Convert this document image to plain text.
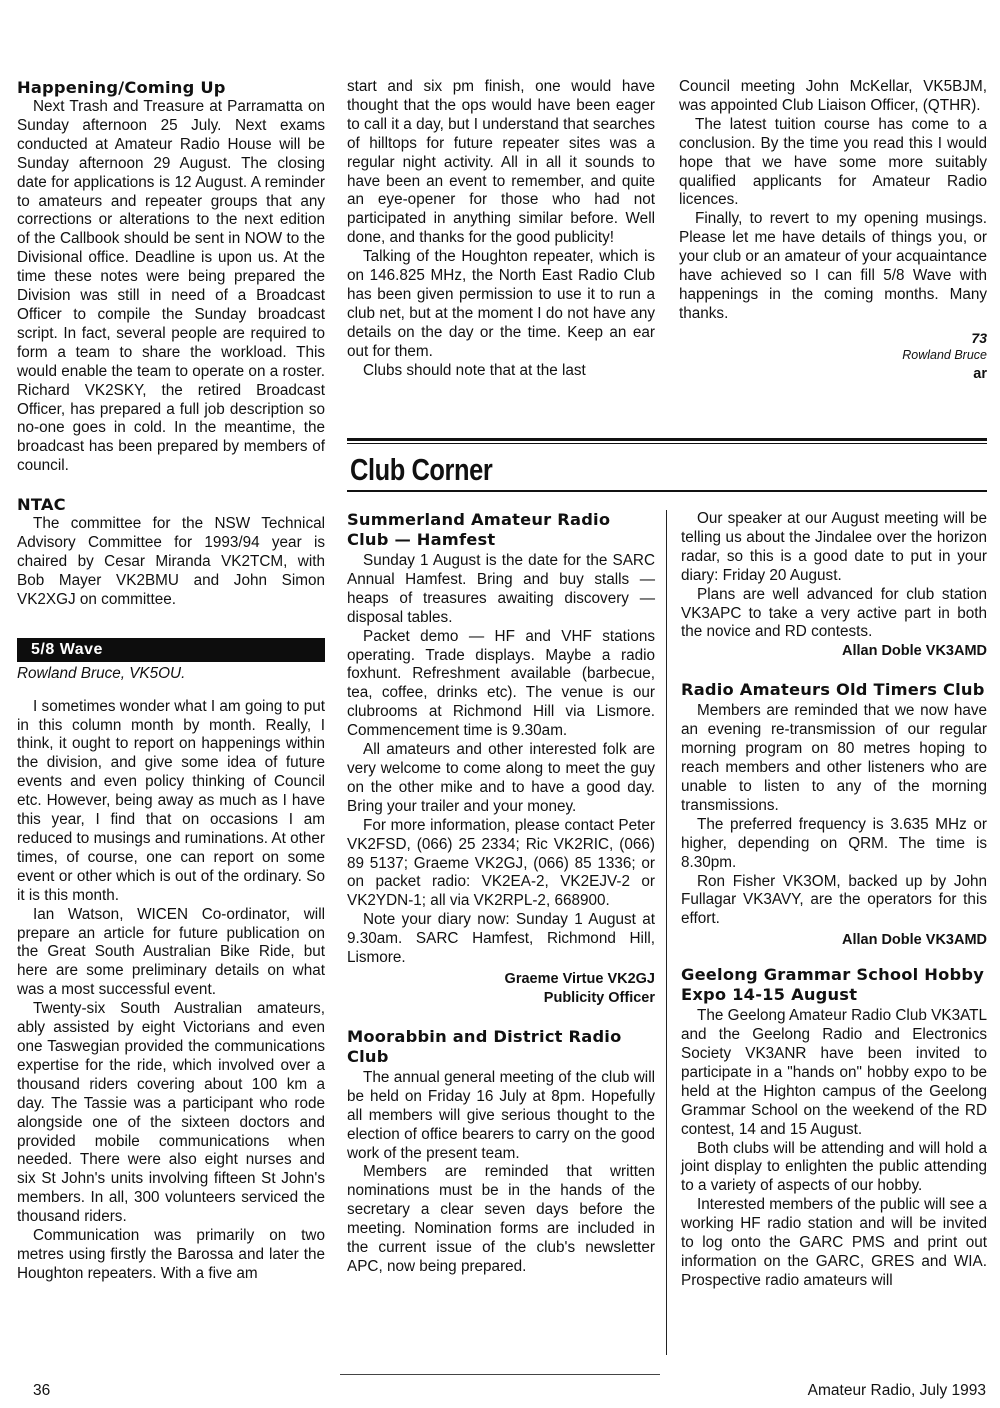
Happening/Coming Up

Next Trash and Treasure at Parramatta on Sunday afternoon 25 July. Next exams conducted at Amateur Radio House will be Sunday afternoon 29 August. The closing date for applications is 12 August. A reminder to amateurs and repeater groups that any corrections or alterations to the next edition of the Callbook should be sent in NOW to the Divisional office. Deadline is upon us. At the time these notes were being prepared the Division was still in need of a Broadcast Officer to compile the Sunday broadcast script. In fact, several people are required to form a team to share the workload. This would enable the team to operate on a roster. Richard VK2SKY, the retired Broadcast Officer, has prepared a full job description so no-one goes in cold. In the meantime, the broadcast has been prepared by members of council.

NTAC

The committee for the NSW Technical Advisory Committee for 1993/94 year is chaired by Cesar Miranda VK2TCM, with Bob Mayer VK2BMU and John Simon VK2XGJ on committee.

5/8 Wave

Rowland Bruce, VK5OU.

I sometimes wonder what I am going to put in this column month by month. Really, I think, it ought to report on happenings within the division, and give some idea of future events and even policy thinking of Council etc. However, being away as much as I have this year, I find that on occasions I am reduced to musings and ruminations. At other times, of course, one can report on some event or other which is out of the ordinary. So it is this month.

Ian Watson, WICEN Co-ordinator, will prepare an article for future publication on the Great South Australian Bike Ride, but here are some preliminary details on what was a most successful event.

Twenty-six South Australian amateurs, ably assisted by eight Victorians and even one Taswegian provided the communications expertise for the ride, which involved over a thousand riders covering about 100 km a day. The Tassie was a participant who rode alongside one of the sixteen doctors and provided mobile communications when needed. There were also eight nurses and six St John's units involving fifteen St John's members. In all, 300 volunteers serviced the thousand riders.

Communication was primarily on two metres using firstly the Barossa and later the Houghton repeaters. With a five am

start and six pm finish, one would have thought that the ops would have been eager to call it a day, but I understand that searches of hilltops for future repeater sites was a regular night activity. All in all it sounds to have been an event to remember, and quite an eye-opener for those who had not participated in anything similar before. Well done, and thanks for the good publicity!

Talking of the Houghton repeater, which is on 146.825 MHz, the North East Radio Club has been given permission to use it to run a club net, but at the moment I do not have any details on the day or the time. Keep an ear out for them.

Clubs should note that at the last

Council meeting John McKellar, VK5BJM, was appointed Club Liaison Officer, (QTHR).

The latest tuition course has come to a conclusion. By the time you read this I would hope that we have some more suitably qualified applicants for Amateur Radio licences.

Finally, to revert to my opening musings. Please let me have details of things you, or your club or an amateur of your acquaintance have achieved so I can fill 5/8 Wave with happenings in the coming months. Many thanks.

73

Rowland Bruce

ar

Club Corner
Summerland Amateur Radio Club — Hamfest

Sunday 1 August is the date for the SARC Annual Hamfest. Bring and buy stalls — heaps of treasures awaiting discovery — disposal tables.

Packet demo — HF and VHF stations operating. Trade displays. Maybe a radio foxhunt. Refreshment available (barbecue, tea, coffee, drinks etc). The venue is our clubrooms at Richmond Hill via Lismore. Commencement time is 9.30am.

All amateurs and other interested folk are very welcome to come along to meet the guy on the other mike and to have a good day. Bring your trailer and your money.

For more information, please contact Peter VK2FSD, (066) 25 2334; Ric VK2RIC, (066) 89 5137; Graeme VK2GJ, (066) 85 1336; or on packet radio: VK2EA-2, VK2EJV-2 or VK2YDN-1; all via VK2RPL-2, 668900.

Note your diary now: Sunday 1 August at 9.30am. SARC Hamfest, Richmond Hill, Lismore.

Graeme Virtue VK2GJ

Publicity Officer

Moorabbin and District Radio Club

The annual general meeting of the club will be held on Friday 16 July at 8pm. Hopefully all members will give serious thought to the election of office bearers to carry on the good work of the present team.

Members are reminded that written nominations must be in the hands of the secretary a clear seven days before the meeting. Nomination forms are included in the current issue of the club's newsletter APC, now being prepared.

Our speaker at our August meeting will be telling us about the Jindalee over the horizon radar, so this is a good date to put in your diary: Friday 20 August.

Plans are well advanced for club station VK3APC to take a very active part in both the novice and RD contests.

Allan Doble VK3AMD

Radio Amateurs Old Timers Club

Members are reminded that we now have an evening re-transmission of our regular morning program on 80 metres hoping to reach members and other listeners who are unable to listen to any of the morning transmissions.

The preferred frequency is 3.635 MHz or higher, depending on QRM. The time is 8.30pm.

Ron Fisher VK3OM, backed up by John Fullagar VK3AVY, are the operators for this effort.

Allan Doble VK3AMD

Geelong Grammar School Hobby Expo 14-15 August

The Geelong Amateur Radio Club VK3ATL and the Geelong Radio and Electronics Society VK3ANR have been invited to participate in a "hands on" hobby expo to be held at the Highton campus of the Geelong Grammar School on the weekend of the RD contest, 14 and 15 August.

Both clubs will be attending and will hold a joint display to enlighten the public attending to a variety of aspects of our hobby.

Interested members of the public will see a working HF radio station and will be invited to log onto the GARC PMS and print out information on the GARC, GRES and WIA. Prospective radio amateurs will

36	Amateur Radio, July 1993
